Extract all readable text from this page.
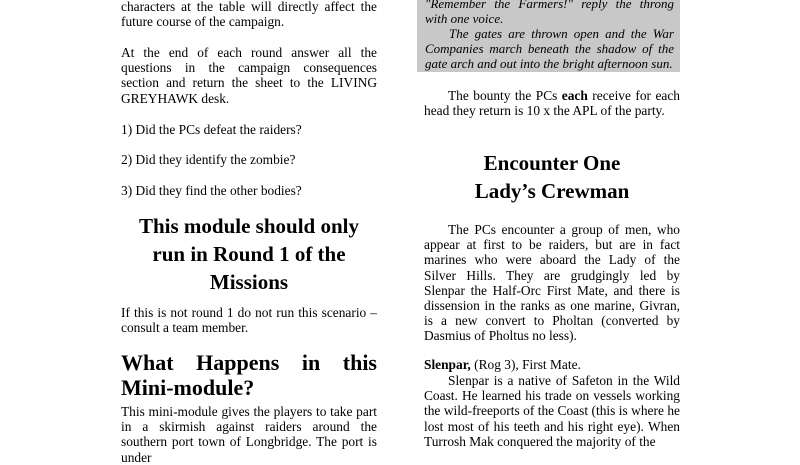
characters at the table will directly affect the future course of the campaign.

At the end of each round answer all the questions in the campaign consequences section and return the sheet to the LIVING GREYHAWK desk.

1) Did the PCs defeat the raiders?

2) Did they identify the zombie?

3) Did they find the other bodies?

This module should only
run in Round 1 of the
Missions

If this is not round 1 do not run this scenario – consult a team member.

What Happens in this
Mini-module?

This mini-module gives the players to take part in a skirmish against raiders around the southern port town of Longbridge. The port is under

"Remember the Farmers!" reply the throng with one voice.

The gates are thrown open and the War Companies march beneath the shadow of the gate arch and out into the bright afternoon sun.

The bounty the PCs each receive for each head they return is 10 x the APL of the party.

Encounter One
Lady’s Crewman

The PCs encounter a group of men, who appear at first to be raiders, but are in fact marines who were aboard the Lady of the Silver Hills. They are grudgingly led by Slenpar the Half-Orc First Mate, and there is dissension in the ranks as one marine, Givran, is a new convert to Pholtan (converted by Dasmius of Pholtus no less).

Slenpar, (Rog 3), First Mate.

Slenpar is a native of Safeton in the Wild Coast. He learned his trade on vessels working the wild-freeports of the Coast (this is where he lost most of his teeth and his right eye). When Turrosh Mak conquered the majority of the
